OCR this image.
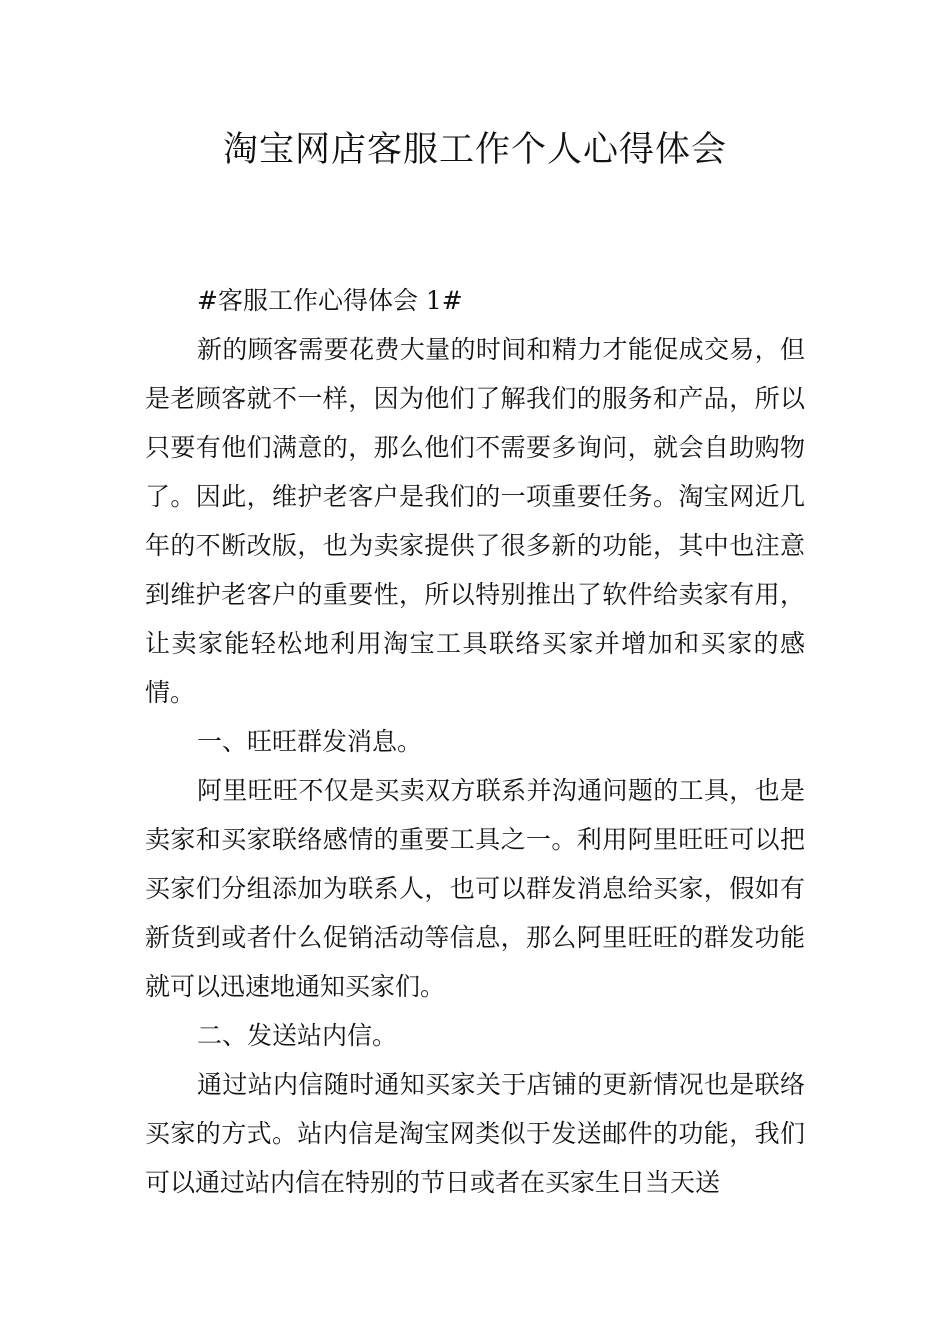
淘宝网店客服工作个人心得体会

#客服工作心得体会 1#

新的顾客需要花费大量的时间和精力才能促成交易，但是老顾客就不一样，因为他们了解我们的服务和产品，所以只要有他们满意的，那么他们不需要多询问，就会自助购物了。因此，维护老客户是我们的一项重要任务。淘宝网近几年的不断改版，也为卖家提供了很多新的功能，其中也注意到维护老客户的重要性，所以特别推出了软件给卖家有用，让卖家能轻松地利用淘宝工具联络买家并增加和买家的感情。

一、旺旺群发消息。

阿里旺旺不仅是买卖双方联系并沟通问题的工具，也是卖家和买家联络感情的重要工具之一。利用阿里旺旺可以把买家们分组添加为联系人，也可以群发消息给买家，假如有新货到或者什么促销活动等信息，那么阿里旺旺的群发功能就可以迅速地通知买家们。

二、发送站内信。

通过站内信随时通知买家关于店铺的更新情况也是联络买家的方式。站内信是淘宝网类似于发送邮件的功能，我们可以通过站内信在特别的节日或者在买家生日当天送
